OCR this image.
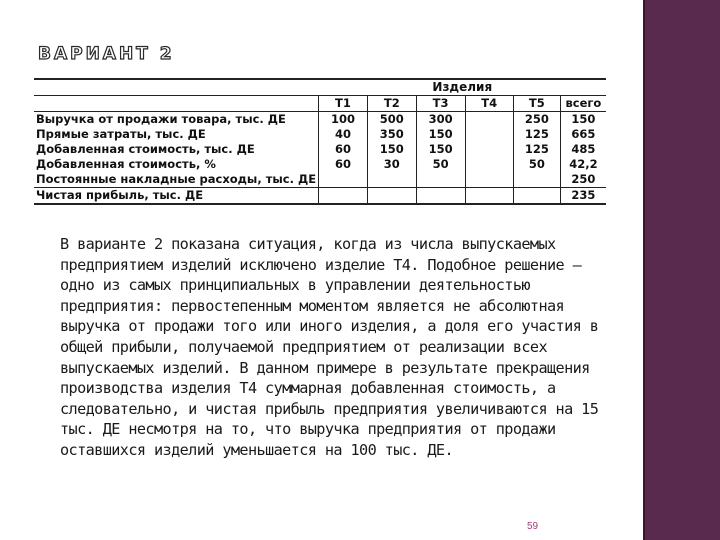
ВАРИАНТ 2
	Изделия					
	Т1	Т2	Т3	Т4	Т5	всего
Выручка от продажи товара, тыс. ДЕ	100	500	300		250	150
Прямые затраты, тыс. ДЕ	40	350	150		125	665
Добавленная стоимость, тыс. ДЕ	60	150	150		125	485
Добавленная стоимость, %	60	30	50		50	42,2
Постоянные накладные расходы, тыс. ДЕ						250
Чистая прибыль, тыс. ДЕ						235
В варианте 2 показана ситуация, когда из числа выпускаемых предприятием изделий исключено изделие Т4. Подобное решение — одно из самых принципиальных в управлении деятельностью предприятия: первостепенным моментом является не абсолютная выручка от продажи того или иного изделия, а доля его участия в общей прибыли, получаемой предприятием от реализации всех выпускаемых изделий. В данном примере в результате прекращения производства изделия Т4 суммарная добавленная стоимость, а следовательно, и чистая прибыль предприятия увеличиваются на 15 тыс. ДЕ несмотря на то, что выручка предприятия от продажи оставшихся изделий уменьшается на 100 тыс. ДЕ.
59
